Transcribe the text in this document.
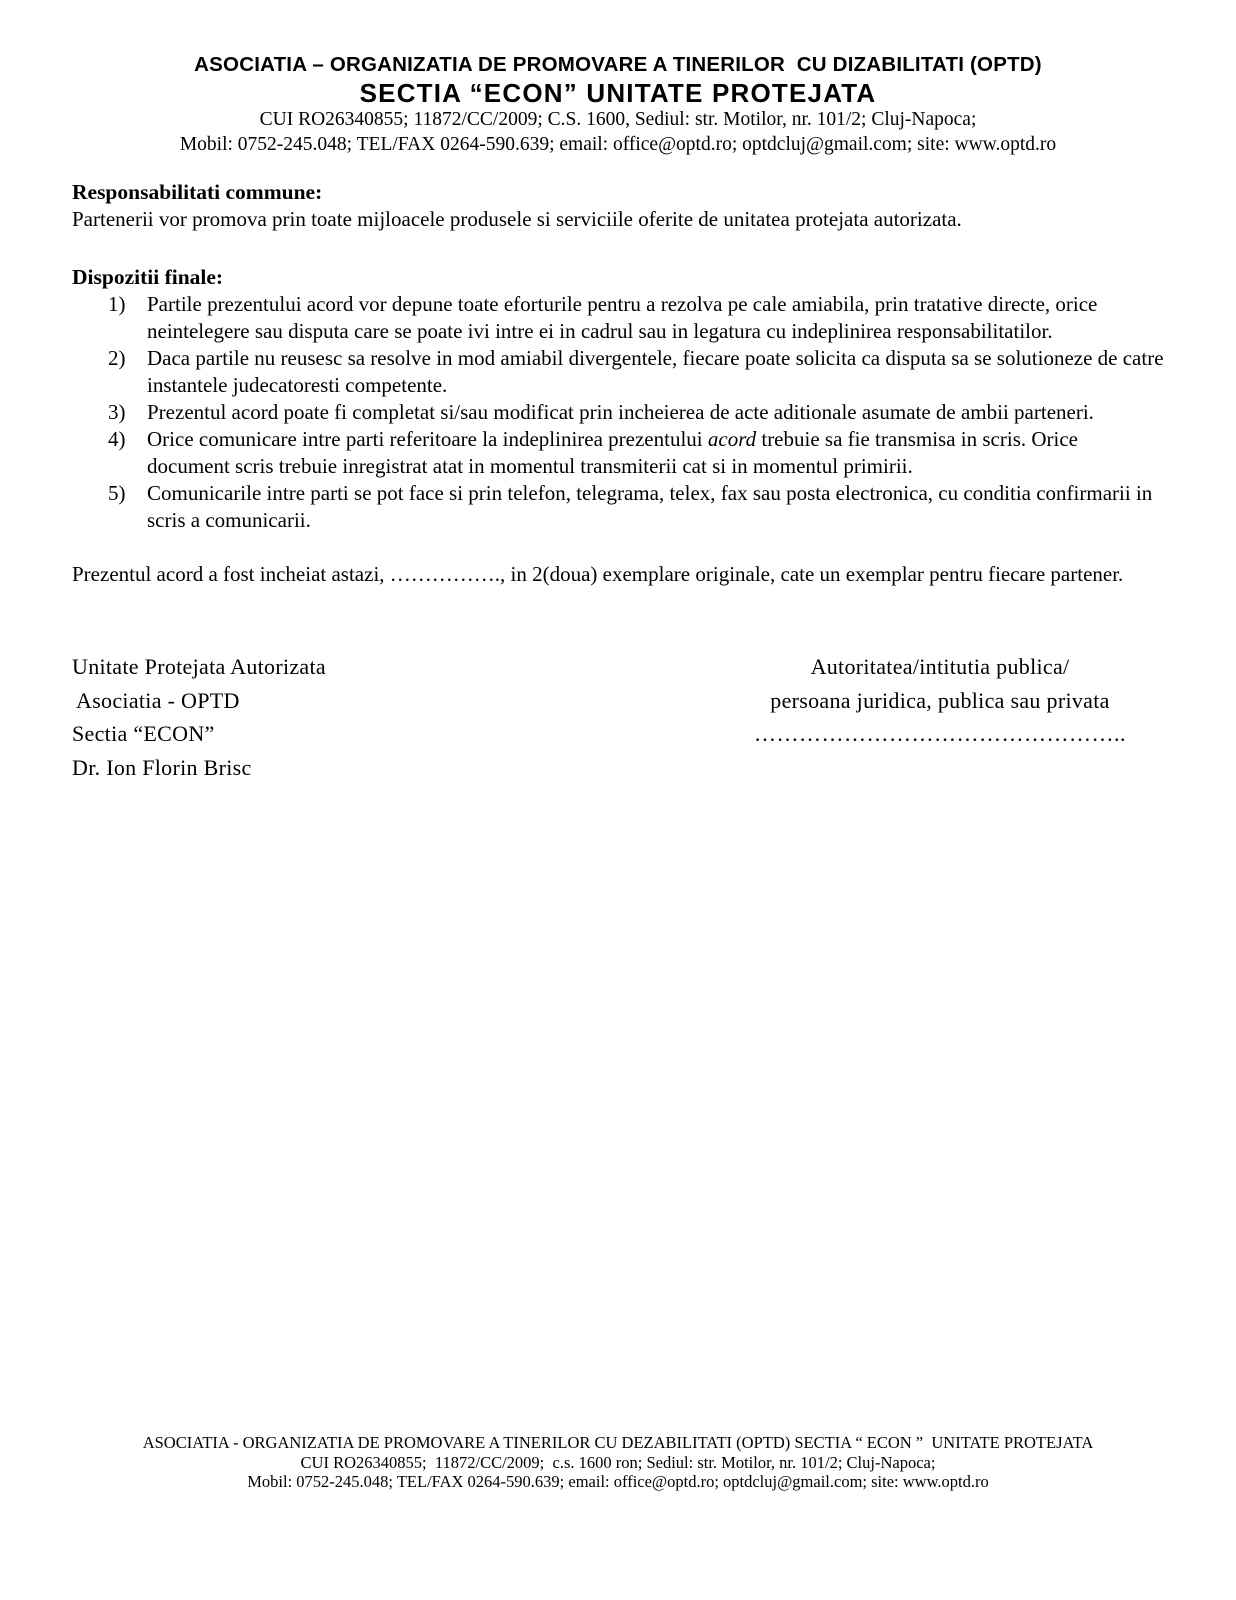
ASOCIATIA – ORGANIZATIA DE PROMOVARE A TINERILOR  CU DIZABILITATI (OPTD)
SECTIA “ECON” UNITATE PROTEJATA
CUI RO26340855; 11872/CC/2009; C.S. 1600, Sediul: str. Motilor, nr. 101/2; Cluj-Napoca;
Mobil: 0752-245.048; TEL/FAX 0264-590.639; email: office@optd.ro; optdcluj@gmail.com; site: www.optd.ro
Responsabilitati commune:
Partenerii vor promova prin toate mijloacele produsele si serviciile oferite de unitatea protejata autorizata.
Dispozitii finale:
1)	Partile prezentului acord vor depune toate eforturile pentru a rezolva pe cale amiabila, prin tratative directe, orice neintelegere sau disputa care se poate ivi intre ei in cadrul sau in legatura cu indeplinirea responsabilitatilor.
2)	Daca partile nu reusesc sa resolve in mod amiabil divergentele, fiecare poate solicita ca disputa sa se solutioneze de catre instantele judecatoresti competente.
3)	Prezentul acord poate fi completat si/sau modificat prin incheierea de acte aditionale asumate de ambii parteneri.
4)	Orice comunicare intre parti referitoare la indeplinirea prezentului acord trebuie sa fie transmisa in scris. Orice document scris trebuie inregistrat atat in momentul transmiterii cat si in momentul primirii.
5)	Comunicarile intre parti se pot face si prin telefon, telegrama, telex, fax sau posta electronica, cu conditia confirmarii in scris a comunicarii.
Prezentul acord a fost incheiat astazi, ……………., in 2(doua) exemplare originale, cate un exemplar pentru fiecare partener.
Unitate Protejata Autorizata
Asociatia - OPTD
Sectia “ECON”
Dr. Ion Florin Brisc
Autoritatea/intitutia publica/
persoana juridica, publica sau privata
…………………………………………..
ASOCIATIA - ORGANIZATIA DE PROMOVARE A TINERILOR CU DEZABILITATI (OPTD) SECTIA “ ECON ”  UNITATE PROTEJATA
CUI RO26340855;  11872/CC/2009;  c.s. 1600 ron; Sediul: str. Motilor, nr. 101/2; Cluj-Napoca;
Mobil: 0752-245.048; TEL/FAX 0264-590.639; email: office@optd.ro; optdcluj@gmail.com; site: www.optd.ro
